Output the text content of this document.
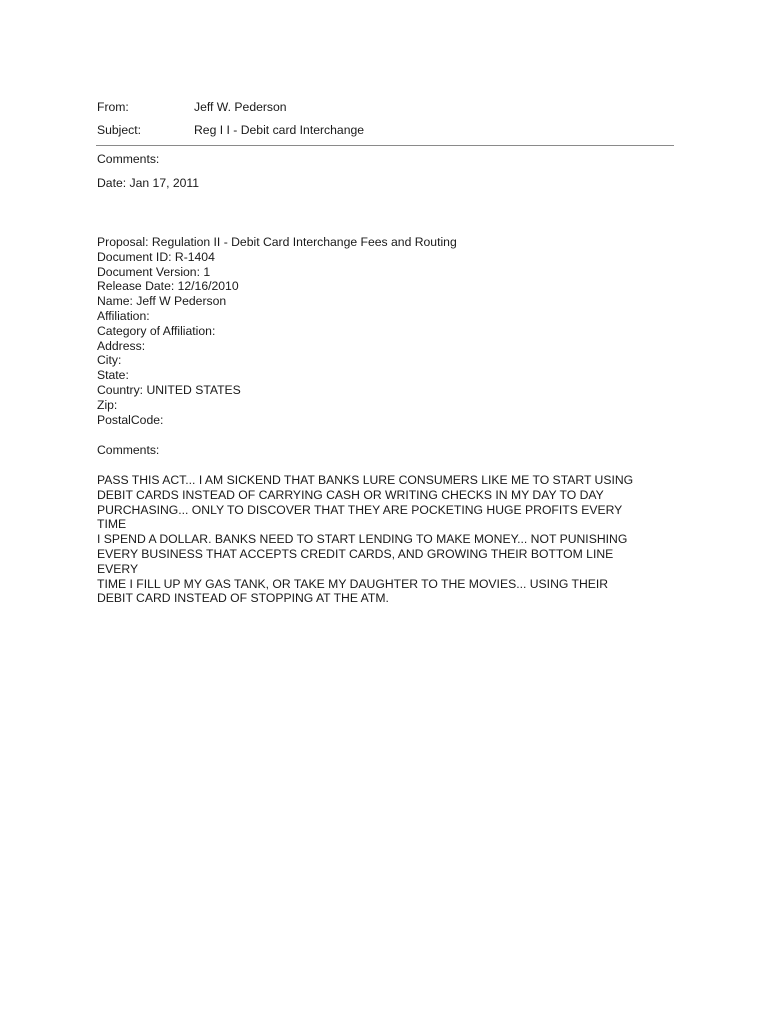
From:	Jeff W. Pederson
Subject:	Reg I I - Debit card Interchange
Comments:
Date: Jan 17, 2011
Proposal: Regulation II - Debit Card Interchange Fees and Routing
Document ID: R-1404
Document Version: 1
Release Date: 12/16/2010
Name: Jeff W Pederson
Affiliation:
Category of Affiliation:
Address:
City:
State:
Country: UNITED STATES
Zip:
PostalCode:
Comments:
PASS THIS ACT... I AM SICKEND THAT BANKS LURE CONSUMERS LIKE ME TO START USING
DEBIT CARDS INSTEAD OF CARRYING CASH OR WRITING CHECKS IN MY DAY TO DAY
PURCHASING... ONLY TO DISCOVER THAT THEY ARE POCKETING HUGE PROFITS EVERY
TIME
I SPEND A DOLLAR. BANKS NEED TO START LENDING TO MAKE MONEY... NOT PUNISHING
EVERY BUSINESS THAT ACCEPTS CREDIT CARDS, AND GROWING THEIR BOTTOM LINE
EVERY
TIME I FILL UP MY GAS TANK, OR TAKE MY DAUGHTER TO THE MOVIES... USING THEIR
DEBIT CARD INSTEAD OF STOPPING AT THE ATM.
